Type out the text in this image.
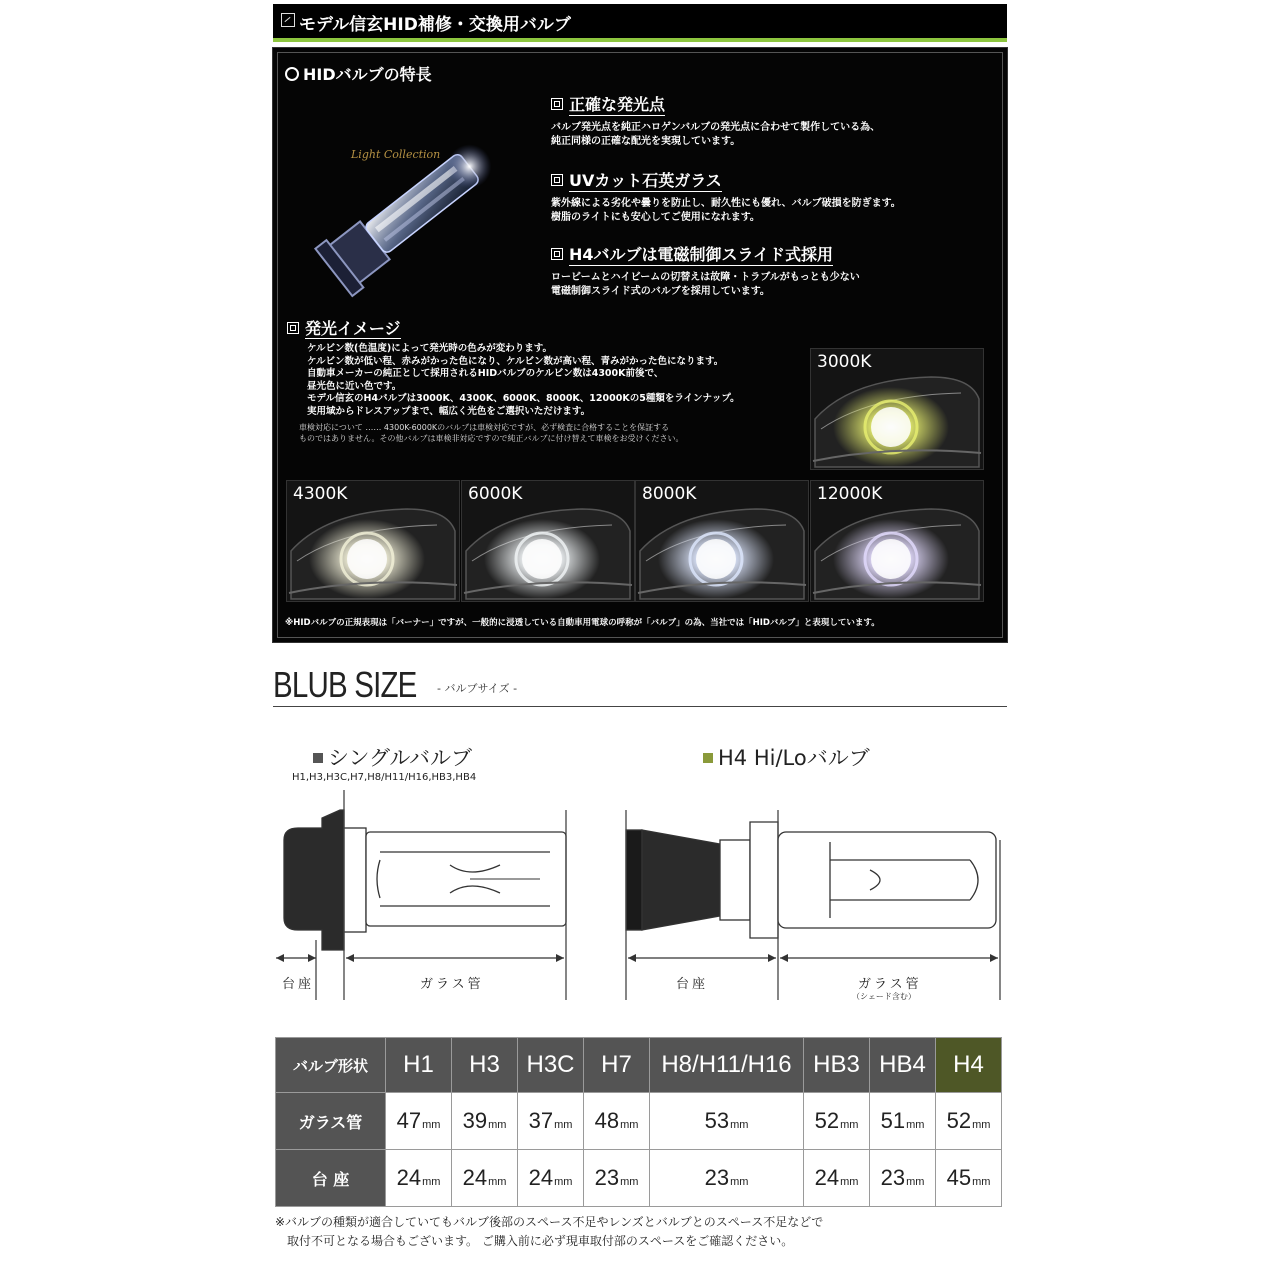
モデル信玄HID補修・交換用バルブ
HIDバルブの特長
Light Collection
正確な発光点
バルブ発光点を純正ハロゲンバルブの発光点に合わせて製作している為、
純正同様の正確な配光を実現しています。
UVカット石英ガラス
紫外線による劣化や曇りを防止し、耐久性にも優れ、バルブ破損を防ぎます。
樹脂のライトにも安心してご使用になれます。
H4バルブは電磁制御スライド式採用
ロービームとハイビームの切替えは故障・トラブルがもっとも少ない
電磁制御スライド式のバルブを採用しています。
発光イメージ
ケルビン数(色温度)によって発光時の色みが変わります。
ケルビン数が低い程、赤みがかった色になり、ケルビン数が高い程、青みがかった色になります。
自動車メーカーの純正として採用されるHIDバルブのケルビン数は4300K前後で、
昼光色に近い色です。
モデル信玄のH4バルブは3000K、4300K、6000K、8000K、12000Kの5種類をラインナップ。
実用域からドレスアップまで、幅広く光色をご選択いただけます。
車検対応について …… 4300K-6000Kのバルブは車検対応ですが、必ず検査に合格することを保証する
ものではありません。その他バルブは車検非対応ですので純正バルブに付け替えて車検をお受けください。
3000K
4300K	6000K	8000K	12000K
※HIDバルブの正規表現は「バーナー」ですが、一般的に浸透している自動車用電球の呼称が「バルブ」の為、当社では「HIDバルブ」と表現しています。
BLUB SIZE - バルブサイズ -
シングルバルブ
H1,H3,H3C,H7,H8/H11/H16,HB3,HB4
H4 Hi/Loバルブ
台座	ガラス管	台座	ガラス管
（シェード含む）
バルブ形状	H1	H3	H3C	H7	H8/H11/H16	HB3	HB4	H4
ガラス管	47mm	39mm	37mm	48mm	53mm	52mm	51mm	52mm
台 座	24mm	24mm	24mm	23mm	23mm	24mm	23mm	45mm
※バルブの種類が適合していてもバルブ後部のスペース不足やレンズとバルブとのスペース不足などで
　取付不可となる場合もございます。 ご購入前に必ず現車取付部のスペースをご確認ください。
